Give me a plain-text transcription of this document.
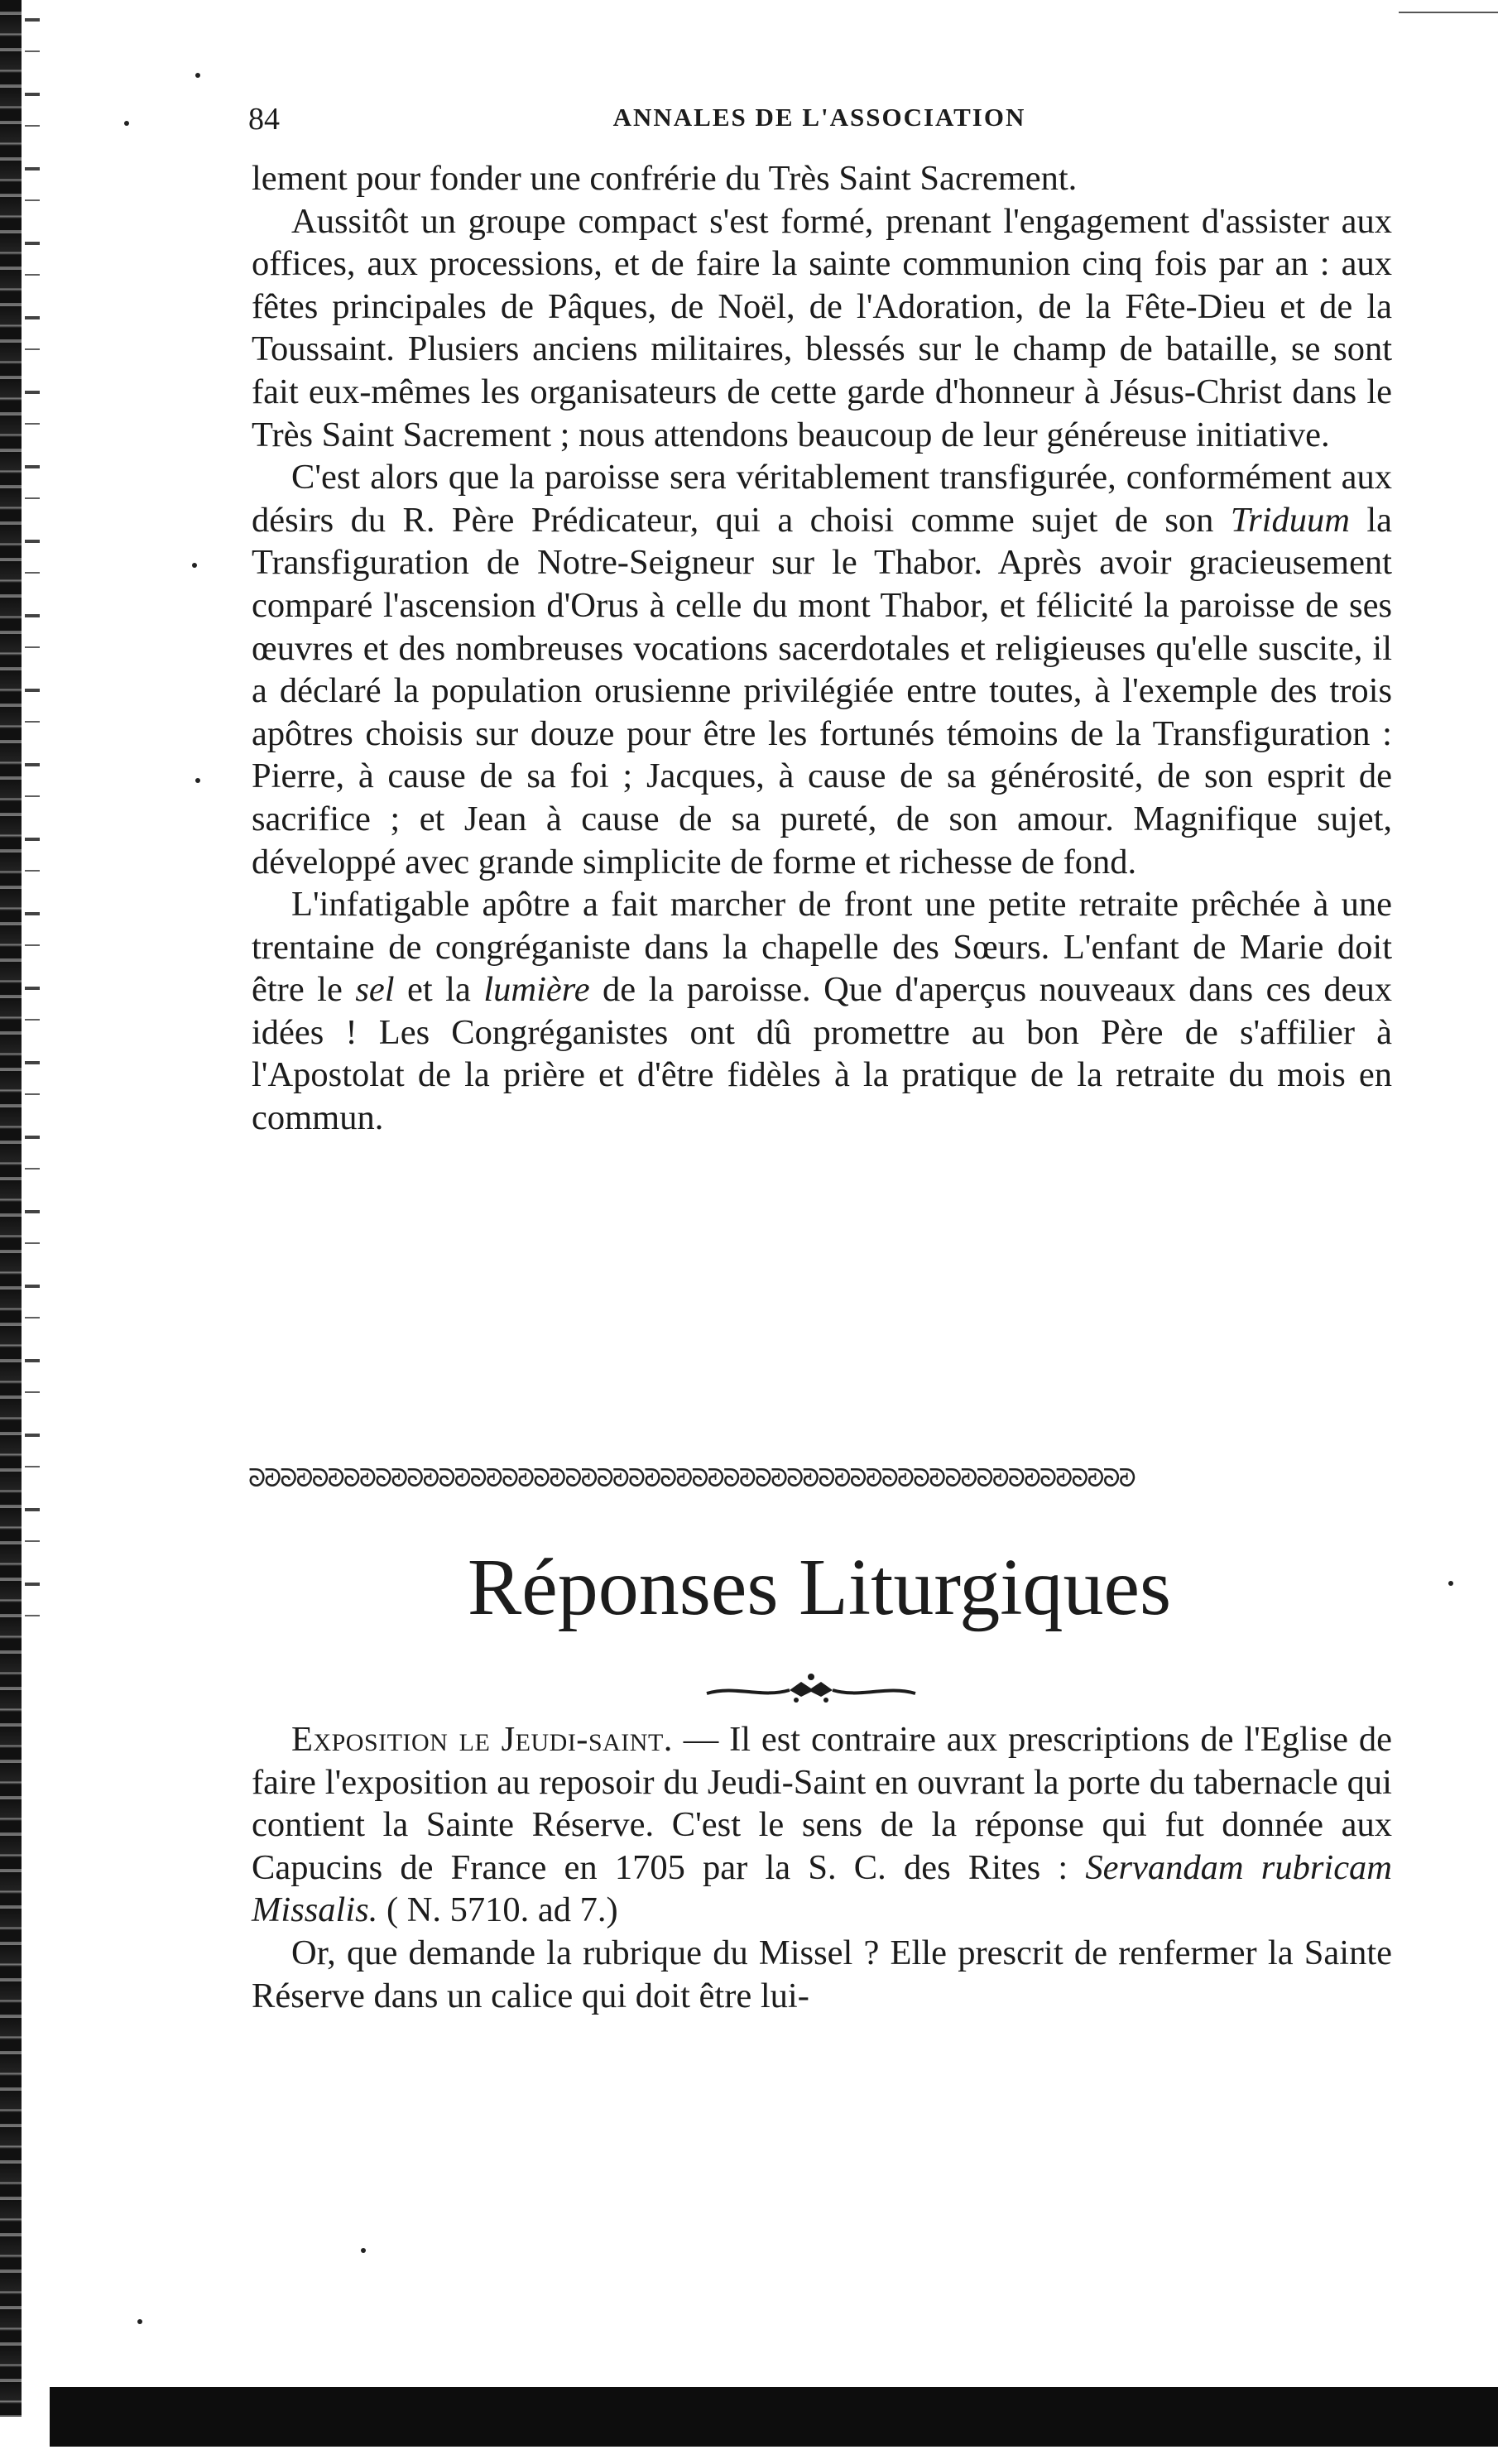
84	ANNALES DE L'ASSOCIATION

lement pour fonder une confrérie du Très Saint Sacrement.

Aussitôt un groupe compact s'est formé, prenant l'engagement d'assister aux offices, aux processions, et de faire la sainte communion cinq fois par an : aux fêtes principales de Pâques, de Noël, de l'Adoration, de la Fête-Dieu et de la Toussaint. Plusiers anciens militaires, blessés sur le champ de bataille, se sont fait eux-mêmes les organisateurs de cette garde d'honneur à Jésus-Christ dans le Très Saint Sacrement ; nous attendons beaucoup de leur généreuse initiative.

C'est alors que la paroisse sera véritablement transfigurée, conformément aux désirs du R. Père Prédicateur, qui a choisi comme sujet de son Triduum la Transfiguration de Notre-Seigneur sur le Thabor. Après avoir gracieusement comparé l'ascension d'Orus à celle du mont Thabor, et félicité la paroisse de ses œuvres et des nombreuses vocations sacerdotales et religieuses qu'elle suscite, il a déclaré la population orusienne privilégiée entre toutes, à l'exemple des trois apôtres choisis sur douze pour être les fortunés témoins de la Transfiguration : Pierre, à cause de sa foi ; Jacques, à cause de sa générosité, de son esprit de sacrifice ; et Jean à cause de sa pureté, de son amour. Magnifique sujet, développé avec grande simplicite de forme et richesse de fond.

L'infatigable apôtre a fait marcher de front une petite retraite prêchée à une trentaine de congréganiste dans la chapelle des Sœurs. L'enfant de Marie doit être le sel et la lumière de la paroisse. Que d'aperçus nouveaux dans ces deux idées ! Les Congréganistes ont dû promettre au bon Père de s'affilier à l'Apostolat de la prière et d'être fidèles à la pratique de la retraite du mois en commun.

ᘐᘑᘐᘑᘐᘑᘐᘑᘐᘑᘐᘑᘐᘑᘐᘑᘐᘑᘐᘑᘐᘑᘐᘑᘐᘑᘐᘑᘐᘑᘐᘑᘐᘑᘐᘑᘐᘑᘐᘑᘐᘑᘐᘑᘐᘑᘐᘑᘐᘑᘐᘑᘐᘑᘐᘑ
Réponses Liturgiques

Exposition le Jeudi-saint. — Il est contraire aux prescriptions de l'Eglise de faire l'exposition au reposoir du Jeudi-Saint en ouvrant la porte du tabernacle qui contient la Sainte Réserve. C'est le sens de la réponse qui fut donnée aux Capucins de France en 1705 par la S. C. des Rites : Servandam rubricam Missalis. ( N. 5710. ad 7.)

Or, que demande la rubrique du Missel ? Elle prescrit de renfermer la Sainte Réserve dans un calice qui doit être lui-
